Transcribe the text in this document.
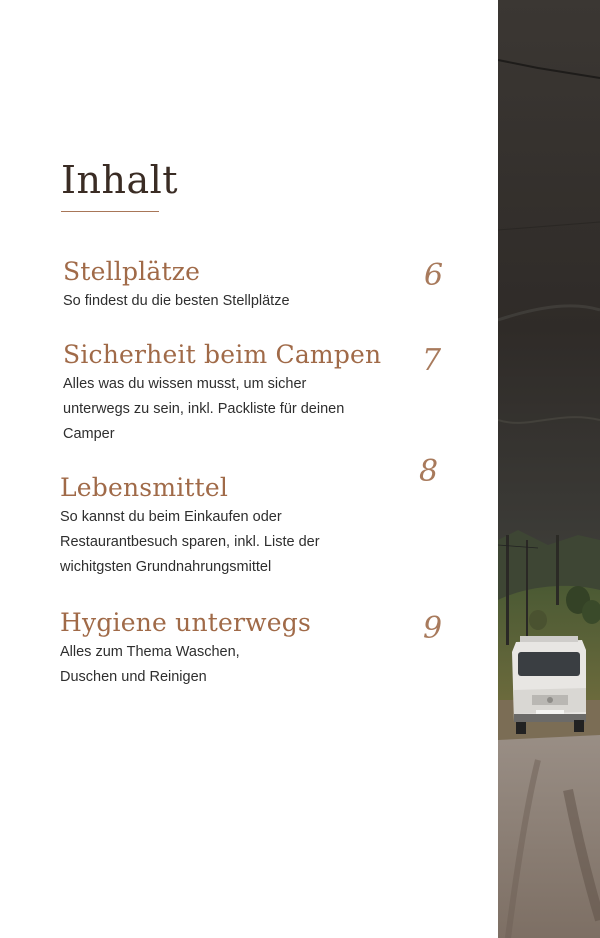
Inhalt
Stellplätze
So findest du die besten Stellplätze
6
Sicherheit beim Campen
Alles was du wissen musst, um sicher
unterwegs zu sein, inkl. Packliste für deinen
Camper
7
Lebensmittel
So kannst du beim Einkaufen oder
Restaurantbesuch sparen, inkl. Liste der
wichitgsten Grundnahrungsmittel
8
Hygiene unterwegs
Alles zum Thema Waschen,
Duschen und Reinigen
9
